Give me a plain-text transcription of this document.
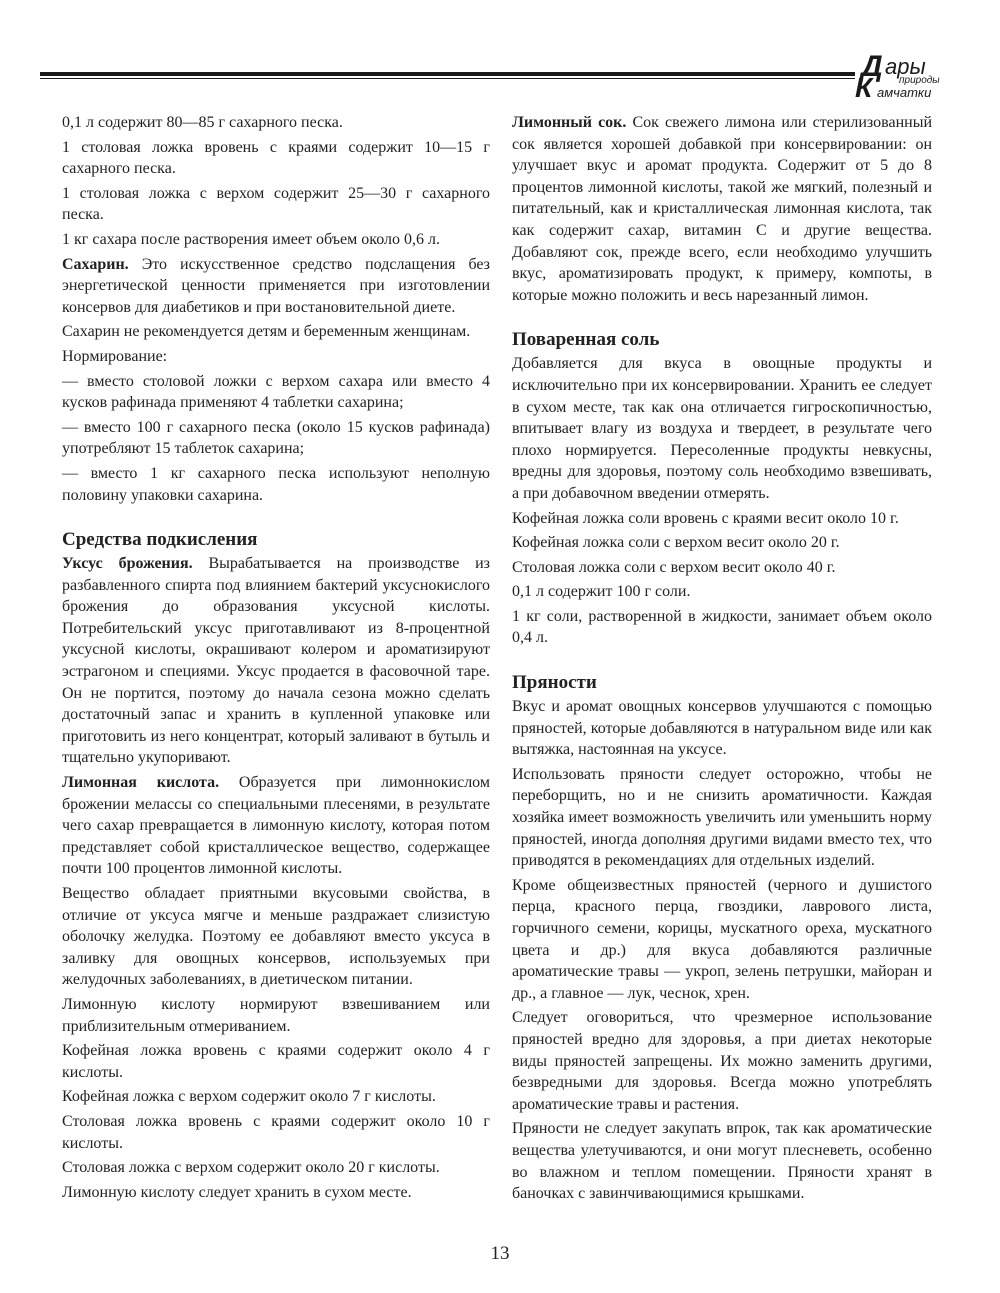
Д ары
природы
К амчатки

0,1 л содержит 80—85 г сахарного песка.

1 столовая ложка вровень с краями содержит 10—15 г сахарного песка.

1 столовая ложка с верхом содержит 25—30 г сахарного песка.

1 кг сахара после растворения имеет объем около 0,6 л.

Сахарин. Это искусственное средство подслащения без энергетической ценности применяется при изготовлении консервов для диабетиков и при востановительной диете.

Сахарин не рекомендуется детям и беременным женщинам.

Нормирование:

— вместо столовой ложки с верхом сахара или вместо 4 кусков рафинада применяют 4 таблетки сахарина;

— вместо 100 г сахарного песка (около 15 кусков рафинада) употребляют 15 таблеток сахарина;

— вместо 1 кг сахарного песка используют неполную половину упаковки сахарина.

Средства подкисления

Уксус брожения. Вырабатывается на производстве из разбавленного спирта под влиянием бактерий уксуснокислого брожения до образования уксусной кислоты. Потребительский уксус приготавливают из 8-процентной уксусной кислоты, окрашивают колером и ароматизируют эстрагоном и специями. Уксус продается в фасовочной таре. Он не портится, поэтому до начала сезона можно сделать достаточный запас и хранить в купленной упаковке или приготовить из него концентрат, который заливают в бутыль и тщательно укупоривают.

Лимонная кислота. Образуется при лимоннокислом брожении мелассы со специальными плесенями, в результате чего сахар превращается в лимонную кислоту, которая потом представляет собой кристаллическое вещество, содержащее почти 100 процентов лимонной кислоты.

Вещество обладает приятными вкусовыми свойства, в отличие от уксуса мягче и меньше раздражает слизистую оболочку желудка. Поэтому ее добавляют вместо уксуса в заливку для овощных консервов, используемых при желудочных заболеваниях, в диетическом питании.

Лимонную кислоту нормируют взвешиванием или приблизительным отмериванием.

Кофейная ложка вровень с краями содержит около 4 г кислоты.

Кофейная ложка с верхом содержит около 7 г кислоты.

Столовая ложка вровень с краями содержит около 10 г кислоты.

Столовая ложка с верхом содержит около 20 г кислоты.

Лимонную кислоту следует хранить в сухом месте.

Лимонный сок. Сок свежего лимона или стерилизованный сок является хорошей добавкой при консервировании: он улучшает вкус и аромат продукта. Содержит от 5 до 8 процентов лимонной кислоты, такой же мягкий, полезный и питательный, как и кристаллическая лимонная кислота, так как содержит сахар, витамин С и другие вещества. Добавляют сок, прежде всего, если необходимо улучшить вкус, ароматизировать продукт, к примеру, компоты, в которые можно положить и весь нарезанный лимон.

Поваренная соль

Добавляется для вкуса в овощные продукты и исключительно при их консервировании. Хранить ее следует в сухом месте, так как она отличается гигроскопичностью, впитывает влагу из воздуха и твердеет, в результате чего плохо нормируется. Пересоленные продукты невкусны, вредны для здоровья, поэтому соль необходимо взвешивать, а при добавочном введении отмерять.

Кофейная ложка соли вровень с краями весит около 10 г.

Кофейная ложка соли с верхом весит около 20 г.

Столовая ложка соли с верхом весит около 40 г.

0,1 л содержит 100 г соли.

1 кг соли, растворенной в жидкости, занимает объем около 0,4 л.

Пряности

Вкус и аромат овощных консервов улучшаются с помощью пряностей, которые добавляются в натуральном виде или как вытяжка, настоянная на уксусе.

Использовать пряности следует осторожно, чтобы не переборщить, но и не снизить ароматичности. Каждая хозяйка имеет возможность увеличить или уменьшить норму пряностей, иногда дополняя другими видами вместо тех, что приводятся в рекомендациях для отдельных изделий.

Кроме общеизвестных пряностей (черного и душистого перца, красного перца, гвоздики, лаврового листа, горчичного семени, корицы, мускатного ореха, мускатного цвета и др.) для вкуса добавляются различные ароматические травы — укроп, зелень петрушки, майоран и др., а главное — лук, чеснок, хрен.

Следует оговориться, что чрезмерное использование пряностей вредно для здоровья, а при диетах некоторые виды пряностей запрещены. Их можно заменить другими, безвредными для здоровья. Всегда можно употреблять ароматические травы и растения.

Пряности не следует закупать впрок, так как ароматические вещества улетучиваются, и они могут плесневеть, особенно во влажном и теплом помещении. Пряности хранят в баночках с завинчивающимися крышками.

13
